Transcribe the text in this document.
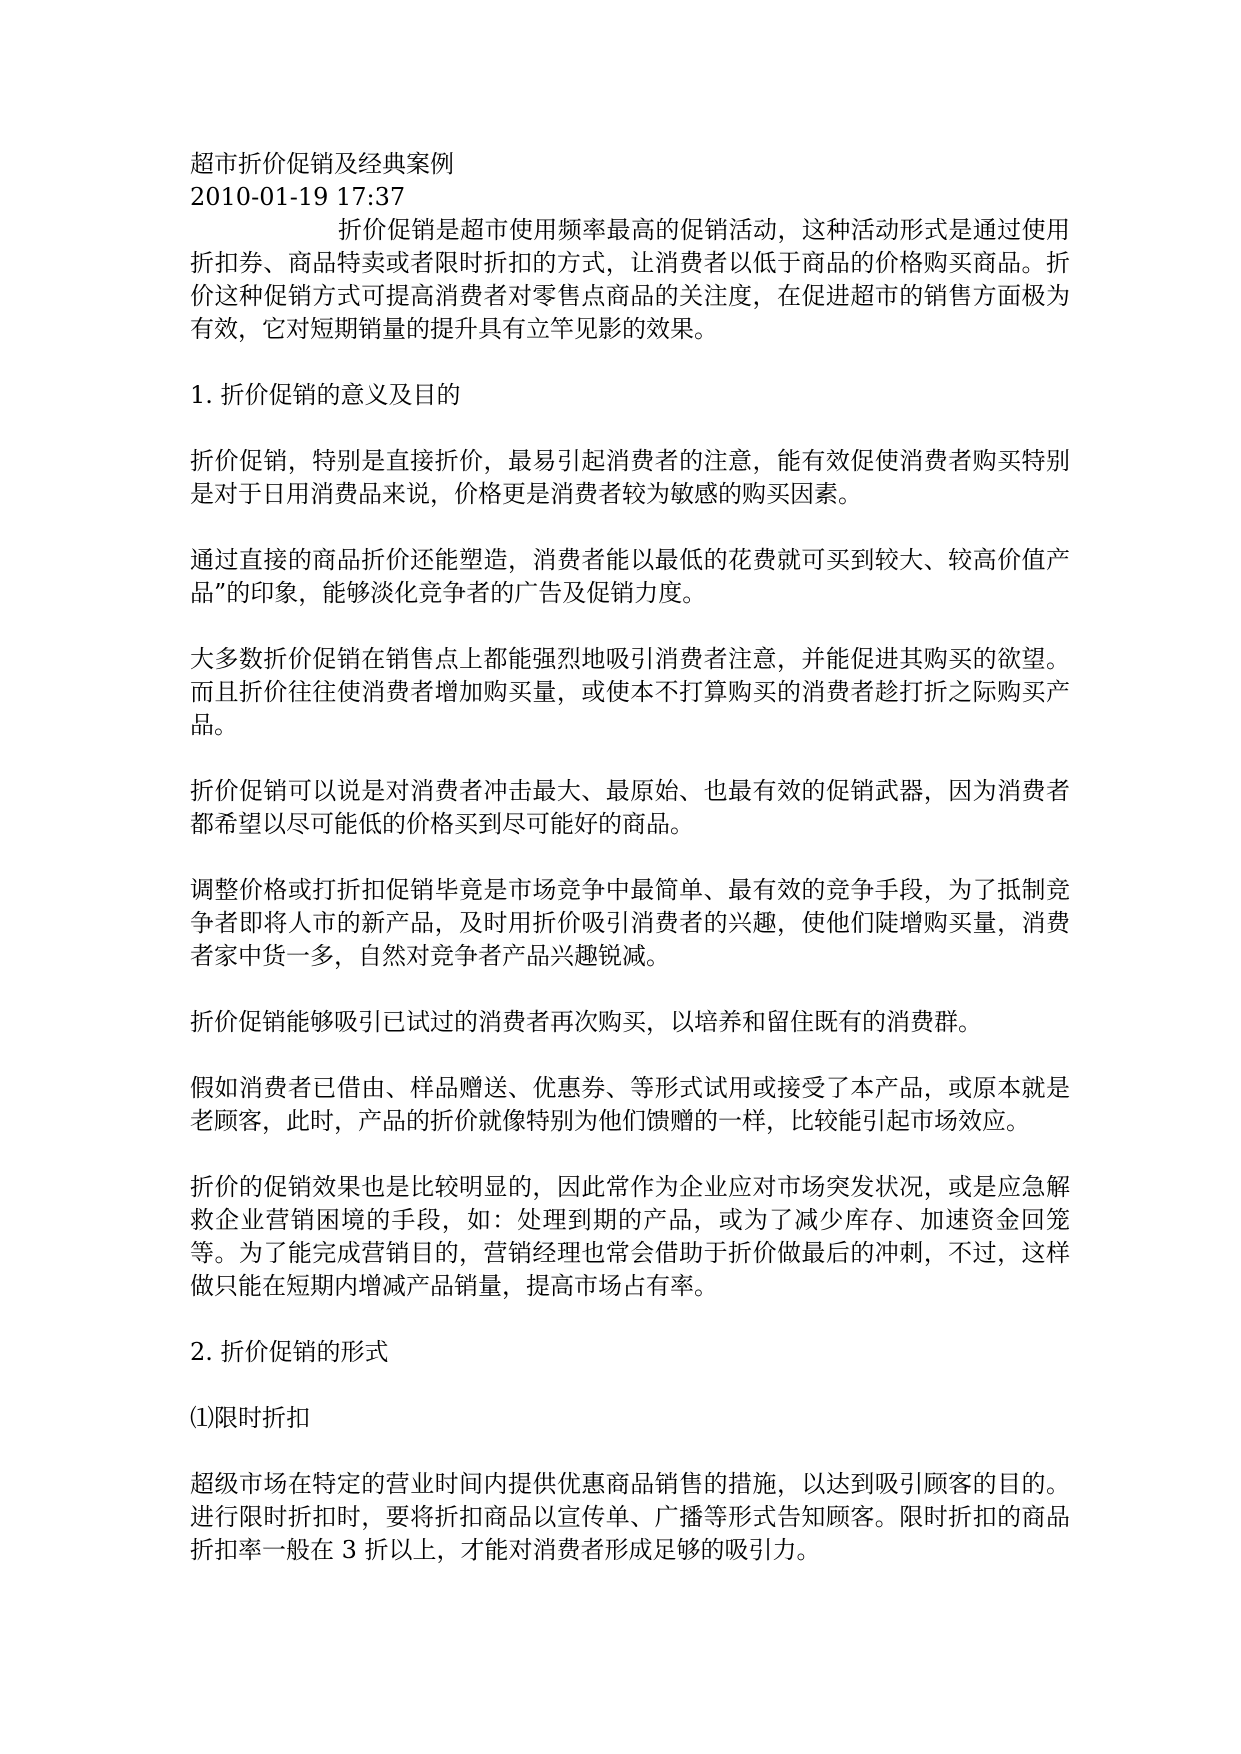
超市折价促销及经典案例

2010-01-19 17:37

折价促销是超市使用频率最高的促销活动，这种活动形式是通过使用折扣券、商品特卖或者限时折扣的方式，让消费者以低于商品的价格购买商品。折价这种促销方式可提高消费者对零售点商品的关注度，在促进超市的销售方面极为有效，它对短期销量的提升具有立竿见影的效果。

1. 折价促销的意义及目的

折价促销，特别是直接折价，最易引起消费者的注意，能有效促使消费者购买特别是对于日用消费品来说，价格更是消费者较为敏感的购买因素。

通过直接的商品折价还能塑造，消费者能以最低的花费就可买到较大、较高价值产品”的印象，能够淡化竞争者的广告及促销力度。

大多数折价促销在销售点上都能强烈地吸引消费者注意，并能促进其购买的欲望。而且折价往往使消费者增加购买量，或使本不打算购买的消费者趁打折之际购买产品。

折价促销可以说是对消费者冲击最大、最原始、也最有效的促销武器，因为消费者都希望以尽可能低的价格买到尽可能好的商品。

调整价格或打折扣促销毕竟是市场竞争中最简单、最有效的竞争手段，为了抵制竞争者即将人市的新产品，及时用折价吸引消费者的兴趣，使他们陡增购买量，消费者家中货一多，自然对竞争者产品兴趣锐减。

折价促销能够吸引已试过的消费者再次购买，以培养和留住既有的消费群。

假如消费者已借由、样品赠送、优惠券、等形式试用或接受了本产品，或原本就是老顾客，此时，产品的折价就像特别为他们馈赠的一样，比较能引起市场效应。

折价的促销效果也是比较明显的，因此常作为企业应对市场突发状况，或是应急解救企业营销困境的手段，如：处理到期的产品，或为了减少库存、加速资金回笼等。为了能完成营销目的，营销经理也常会借助于折价做最后的冲刺，不过，这样做只能在短期内增减产品销量，提高市场占有率。

2. 折价促销的形式

⑴限时折扣

超级市场在特定的营业时间内提供优惠商品销售的措施，以达到吸引顾客的目的。进行限时折扣时，要将折扣商品以宣传单、广播等形式告知顾客。限时折扣的商品折扣率一般在 3 折以上，才能对消费者形成足够的吸引力。
